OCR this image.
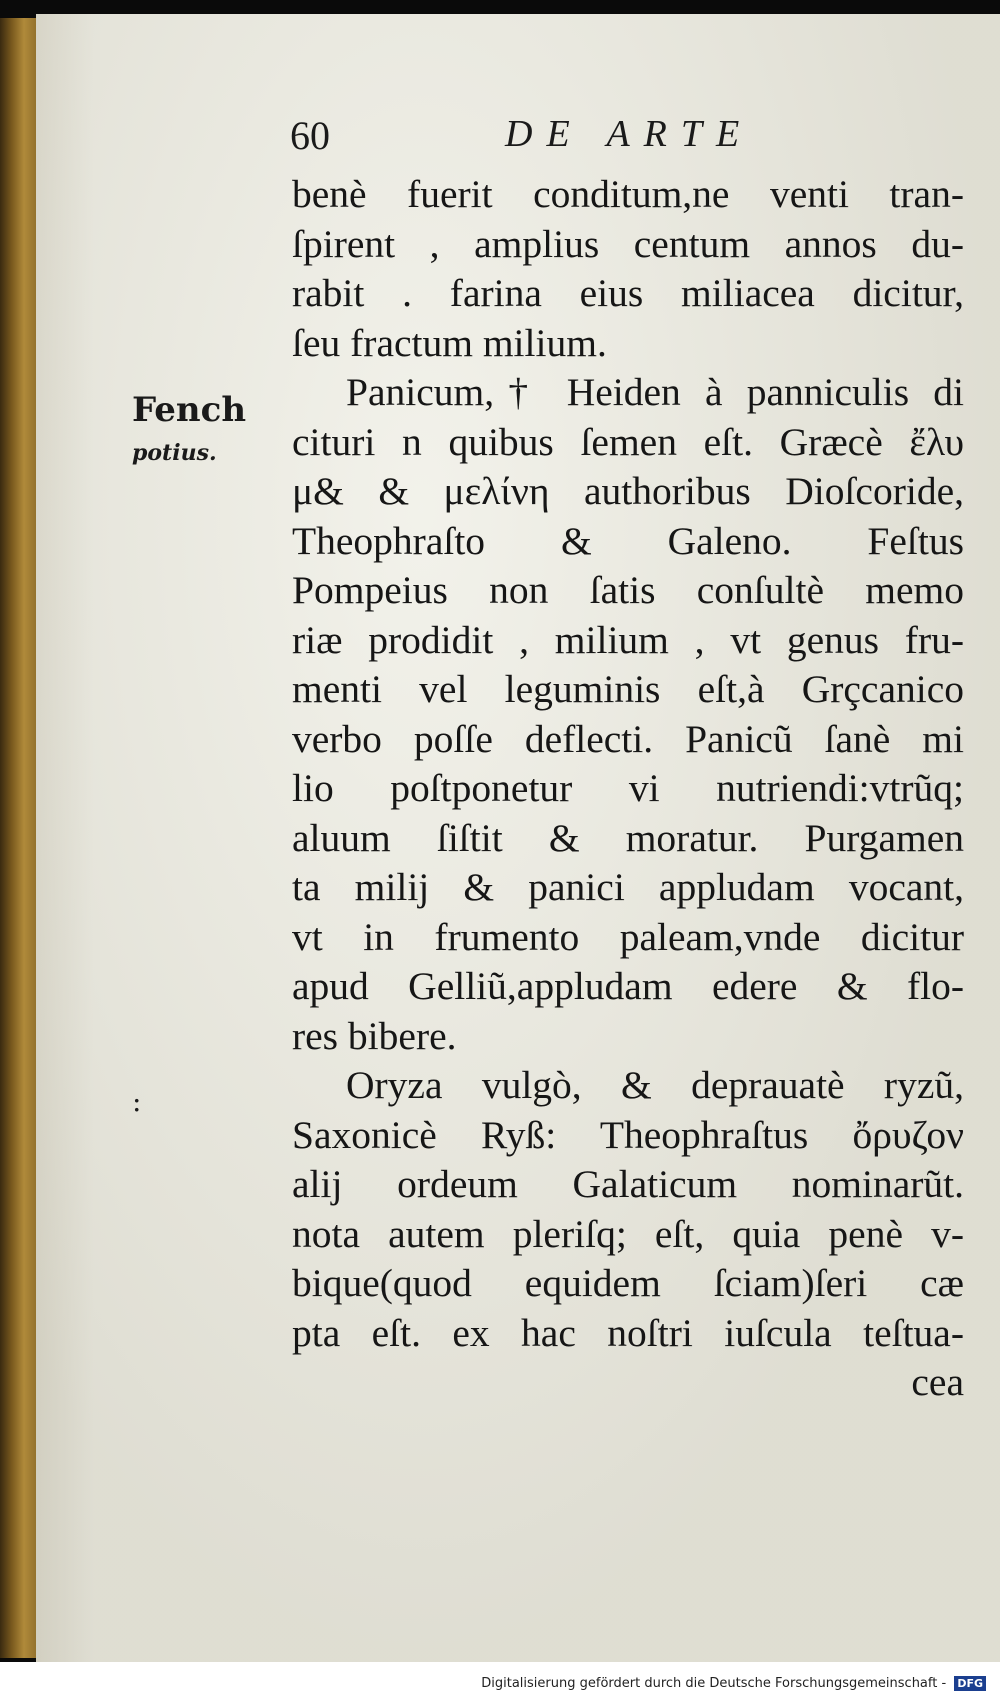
60	DE ARTE
Fench
potius.
:
benè fuerit conditum,ne venti tran-
ſpirent , amplius centum annos du-
rabit . farina eius miliacea dicitur,
ſeu fractum milium.
Panicum,† Heiden à panniculis di
cituri n quibus ſemen eſt. Græcè ἔλυ
μ& & μελίνη authoribus Dioſcoride,
Theophraſto & Galeno. Feſtus
Pompeius non ſatis conſultè memo
riæ prodidit , milium , vt genus fru-
menti vel leguminis eſt,à Grçcanico
verbo poſſe deflecti. Panicũ ſanè mi
lio poſtponetur vi nutriendi:vtrũq;
aluum ſiſtit & moratur. Purgamen
ta milij & panici appludam vocant,
vt in frumento paleam,vnde dicitur
apud Gelliũ,appludam edere & flo-
res bibere.
Oryza vulgò, & deprauatè ryzũ,
Saxonicè Ryß: Theophraſtus ὄρυζον
alij ordeum Galaticum nominarũt.
nota autem pleriſq; eſt, quia penè v-
bique(quod equidem ſciam)ſeri cæ
pta eſt. ex hac noſtri iuſcula teſtua-
cea
Digitalisierung gefördert durch die Deutsche Forschungsgemeinschaft - DFG
